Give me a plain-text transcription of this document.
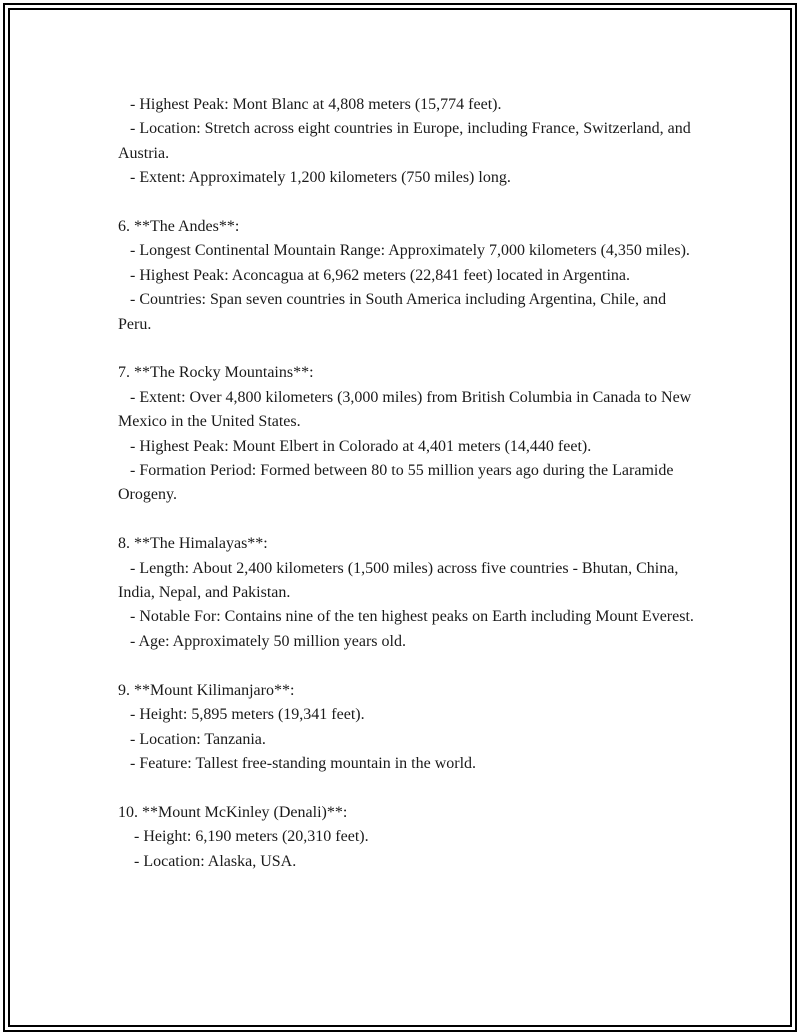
- Highest Peak: Mont Blanc at 4,808 meters (15,774 feet).

- Location: Stretch across eight countries in Europe, including France, Switzerland, and Austria.

- Extent: Approximately 1,200 kilometers (750 miles) long.

6. **The Andes**:

- Longest Continental Mountain Range: Approximately 7,000 kilometers (4,350 miles).

- Highest Peak: Aconcagua at 6,962 meters (22,841 feet) located in Argentina.

- Countries: Span seven countries in South America including Argentina, Chile, and Peru.

7. **The Rocky Mountains**:

- Extent: Over 4,800 kilometers (3,000 miles) from British Columbia in Canada to New Mexico in the United States.

- Highest Peak: Mount Elbert in Colorado at 4,401 meters (14,440 feet).

- Formation Period: Formed between 80 to 55 million years ago during the Laramide Orogeny.

8. **The Himalayas**:

- Length: About 2,400 kilometers (1,500 miles) across five countries - Bhutan, China, India, Nepal, and Pakistan.

- Notable For: Contains nine of the ten highest peaks on Earth including Mount Everest.

- Age: Approximately 50 million years old.

9. **Mount Kilimanjaro**:

- Height: 5,895 meters (19,341 feet).

- Location: Tanzania.

- Feature: Tallest free-standing mountain in the world.

10. **Mount McKinley (Denali)**:

- Height: 6,190 meters (20,310 feet).

- Location: Alaska, USA.
